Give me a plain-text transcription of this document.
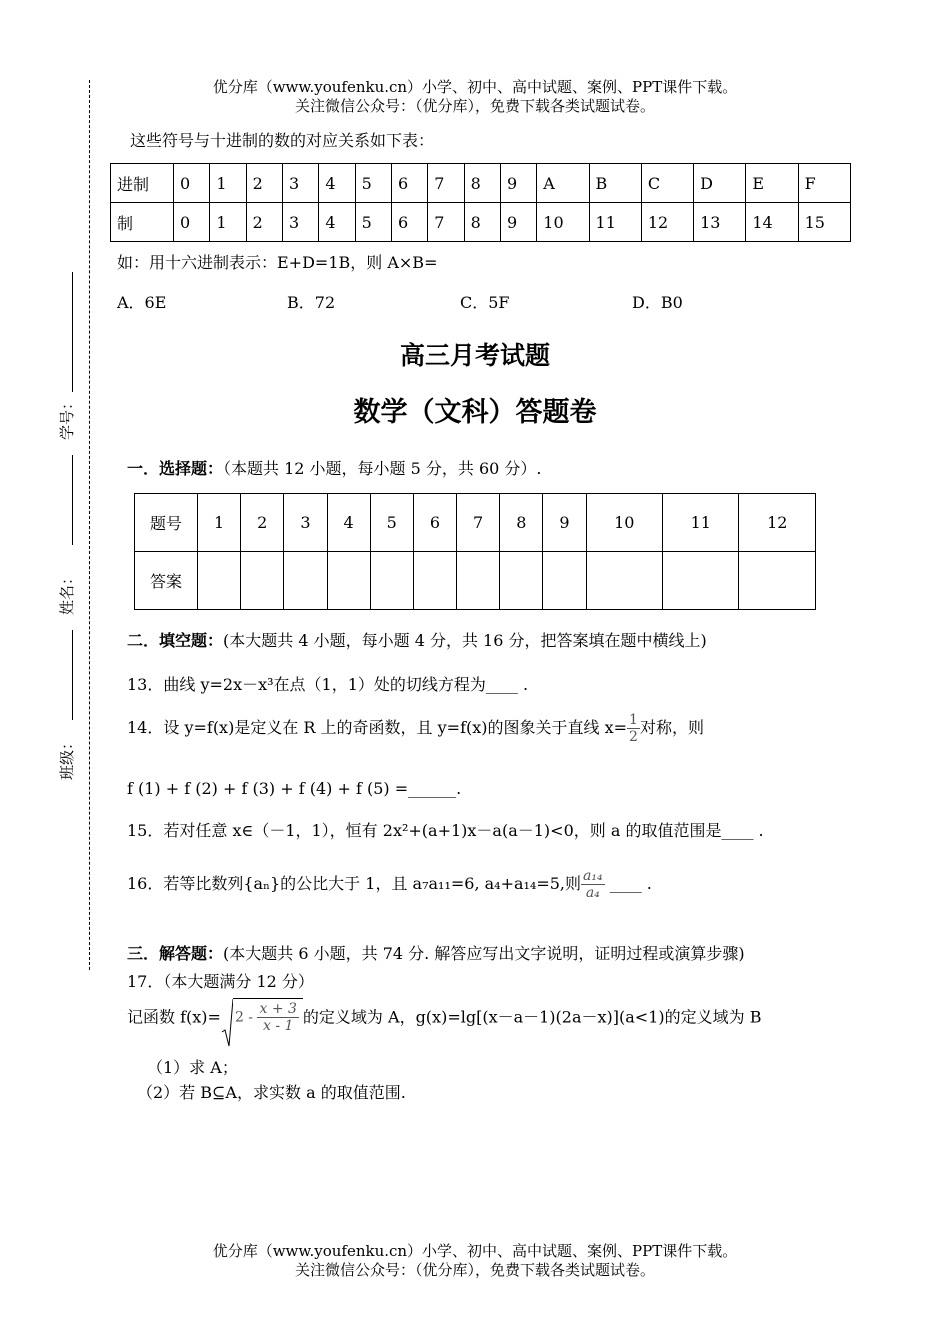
优分库（www.youfenku.cn）小学、初中、高中试题、案例、PPT课件下载。
关注微信公众号：（优分库），免费下载各类试题试卷。
学号：
姓名：
班级：
这些符号与十进制的数的对应关系如下表：
进制	0	1	2	3	4	5	6	7	8	9	A	B	C	D	E	F
制	0	1	2	3	4	5	6	7	8	9	10	11	12	13	14	15
如：用十六进制表示：E+D=1B，则 A×B=
A．6E	B．72	C．5F	D．B0
高三月考试题
数学（文科）答题卷
一．选择题：（本题共 12 小题，每小题 5 分，共 60 分）.
题号	1	2	3	4	5	6	7	8	9	10	11	12
答案												
二．填空题：(本大题共 4 小题，每小题 4 分，共 16 分，把答案填在题中横线上)
13．曲线 y=2x－x³在点（1，1）处的切线方程为____ .
14．设 y=f(x)是定义在 R 上的奇函数，且 y=f(x)的图象关于直线 $x= \frac{1}{2}$ 对称，则
f (1) + f (2) + f (3) + f (4) + f (5) =______.
15．若对任意 x∈（－1，1），恒有 2x²+(a+1)x－a(a－1)<0，则 a 的取值范围是____ .
16．若等比数列{aₙ}的公比大于 1，且 a₇a₁₁=6, a₄+a₁₄=5,则 $\frac{\text{a₁₄}}{\text{a₄}}$ ____ .
三．解答题：(本大题共 6 小题，共 74 分. 解答应写出文字说明，证明过程或演算步骤)
17．（本大题满分 12 分）
记函数 $f(x)= 2 - \frac{x + 3}{x - 1}$ 的定义域为 A，g(x)=lg[(x－a－1)(2a－x)](a<1)的定义域为 B
（1）求 A；
（2）若 B⊆A，求实数 a 的取值范围.
优分库（www.youfenku.cn）小学、初中、高中试题、案例、PPT课件下载。
关注微信公众号：（优分库），免费下载各类试题试卷。
